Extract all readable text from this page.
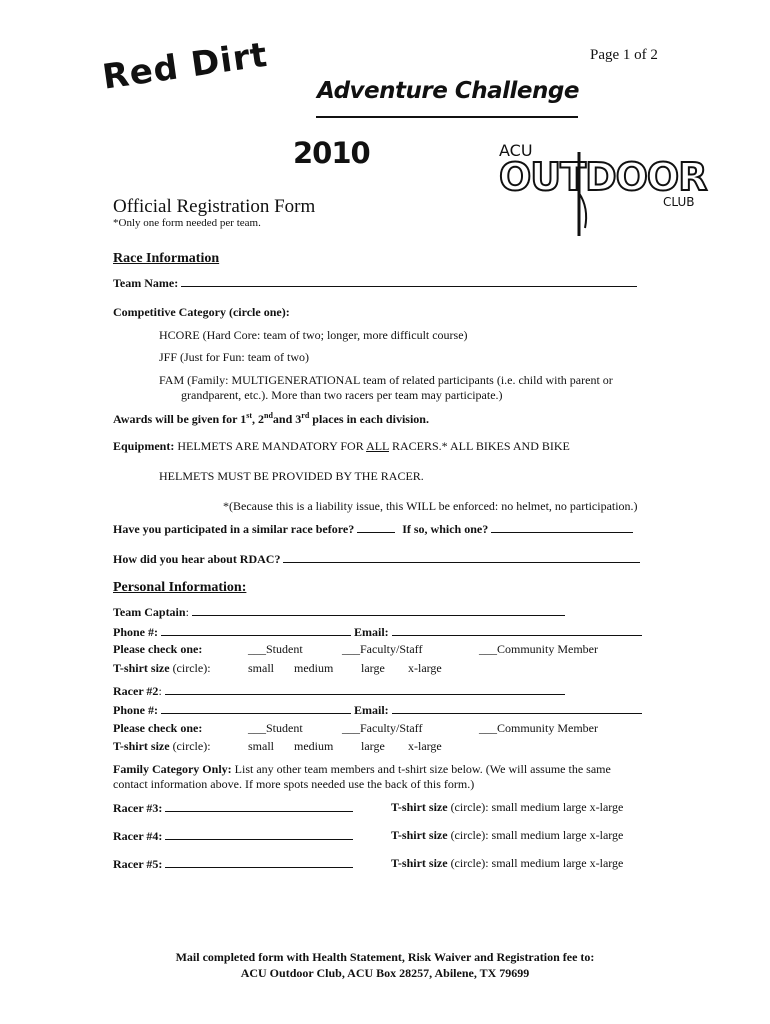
Page 1 of 2
Red Dirt Adventure Challenge
2010	ACU
OUTDOOR
CLUB
Official Registration Form
*Only one form needed per team.
Race Information
Team Name:
Competitive Category (circle one):
HCORE (Hard Core: team of two; longer, more difficult course)
JFF (Just for Fun: team of two)
FAM (Family: MULTIGENERATIONAL team of related participants (i.e. child with parent or
grandparent, etc.). More than two racers per team may participate.)
Awards will be given for 1st, 2ndand 3rd places in each division.
Equipment: HELMETS ARE MANDATORY FOR ALL RACERS.* ALL BIKES AND BIKE
HELMETS MUST BE PROVIDED BY THE RACER.
*(Because this is a liability issue, this WILL be enforced: no helmet, no participation.)
Have you participated in a similar race before?	If so, which one?
How did you hear about RDAC?
Personal Information:
Team Captain:
Phone #:	Email:
Please check one:	___Student	___Faculty/Staff	___Community Member
T-shirt size (circle):	small medium large x-large
Racer #2:
Phone #:	Email:
Please check one:	___Student	___Faculty/Staff	___Community Member
T-shirt size (circle):	small medium large x-large
Family Category Only: List any other team members and t-shirt size below. (We will assume the same
contact information above. If more spots needed use the back of this form.)
Racer #3:	T-shirt size (circle): small medium large x-large
Racer #4:	T-shirt size (circle): small medium large x-large
Racer #5:	T-shirt size (circle): small medium large x-large
Mail completed form with Health Statement, Risk Waiver and Registration fee to:
ACU Outdoor Club, ACU Box 28257, Abilene, TX 79699
